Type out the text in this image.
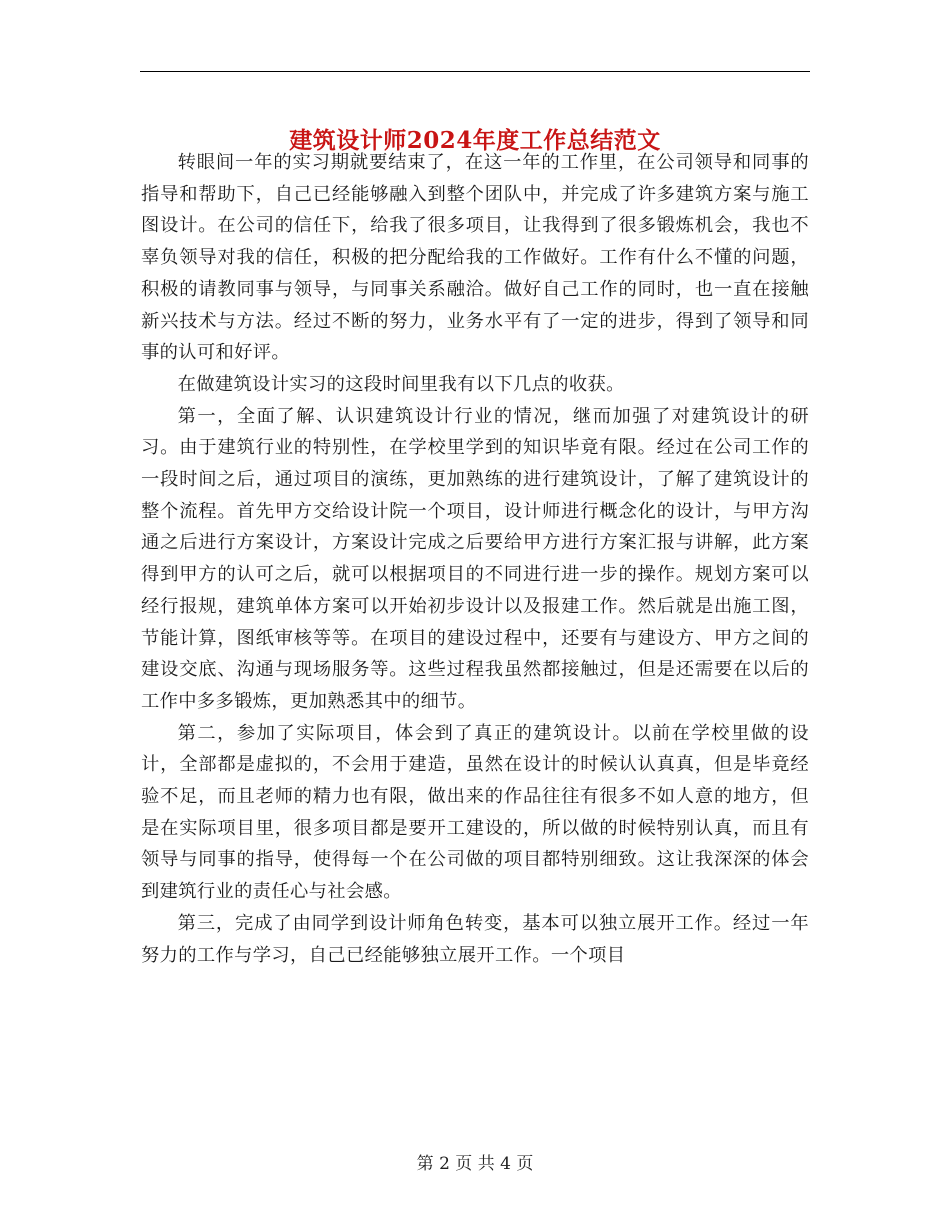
建筑设计师2024年度工作总结范文

转眼间一年的实习期就要结束了，在这一年的工作里，在公司领导和同事的指导和帮助下，自己已经能够融入到整个团队中，并完成了许多建筑方案与施工图设计。在公司的信任下，给我了很多项目，让我得到了很多锻炼机会，我也不辜负领导对我的信任，积极的把分配给我的工作做好。工作有什么不懂的问题，积极的请教同事与领导，与同事关系融洽。做好自己工作的同时，也一直在接触新兴技术与方法。经过不断的努力，业务水平有了一定的进步，得到了领导和同事的认可和好评。

在做建筑设计实习的这段时间里我有以下几点的收获。

第一，全面了解、认识建筑设计行业的情况，继而加强了对建筑设计的研习。由于建筑行业的特别性，在学校里学到的知识毕竟有限。经过在公司工作的一段时间之后，通过项目的演练，更加熟练的进行建筑设计，了解了建筑设计的整个流程。首先甲方交给设计院一个项目，设计师进行概念化的设计，与甲方沟通之后进行方案设计，方案设计完成之后要给甲方进行方案汇报与讲解，此方案得到甲方的认可之后，就可以根据项目的不同进行进一步的操作。规划方案可以经行报规，建筑单体方案可以开始初步设计以及报建工作。然后就是出施工图，节能计算，图纸审核等等。在项目的建设过程中，还要有与建设方、甲方之间的建设交底、沟通与现场服务等。这些过程我虽然都接触过，但是还需要在以后的工作中多多锻炼，更加熟悉其中的细节。

第二，参加了实际项目，体会到了真正的建筑设计。以前在学校里做的设计，全部都是虚拟的，不会用于建造，虽然在设计的时候认认真真，但是毕竟经验不足，而且老师的精力也有限，做出来的作品往往有很多不如人意的地方，但是在实际项目里，很多项目都是要开工建设的，所以做的时候特别认真，而且有领导与同事的指导，使得每一个在公司做的项目都特别细致。这让我深深的体会到建筑行业的责任心与社会感。

第三，完成了由同学到设计师角色转变，基本可以独立展开工作。经过一年努力的工作与学习，自己已经能够独立展开工作。一个项目

第 2 页 共 4 页
